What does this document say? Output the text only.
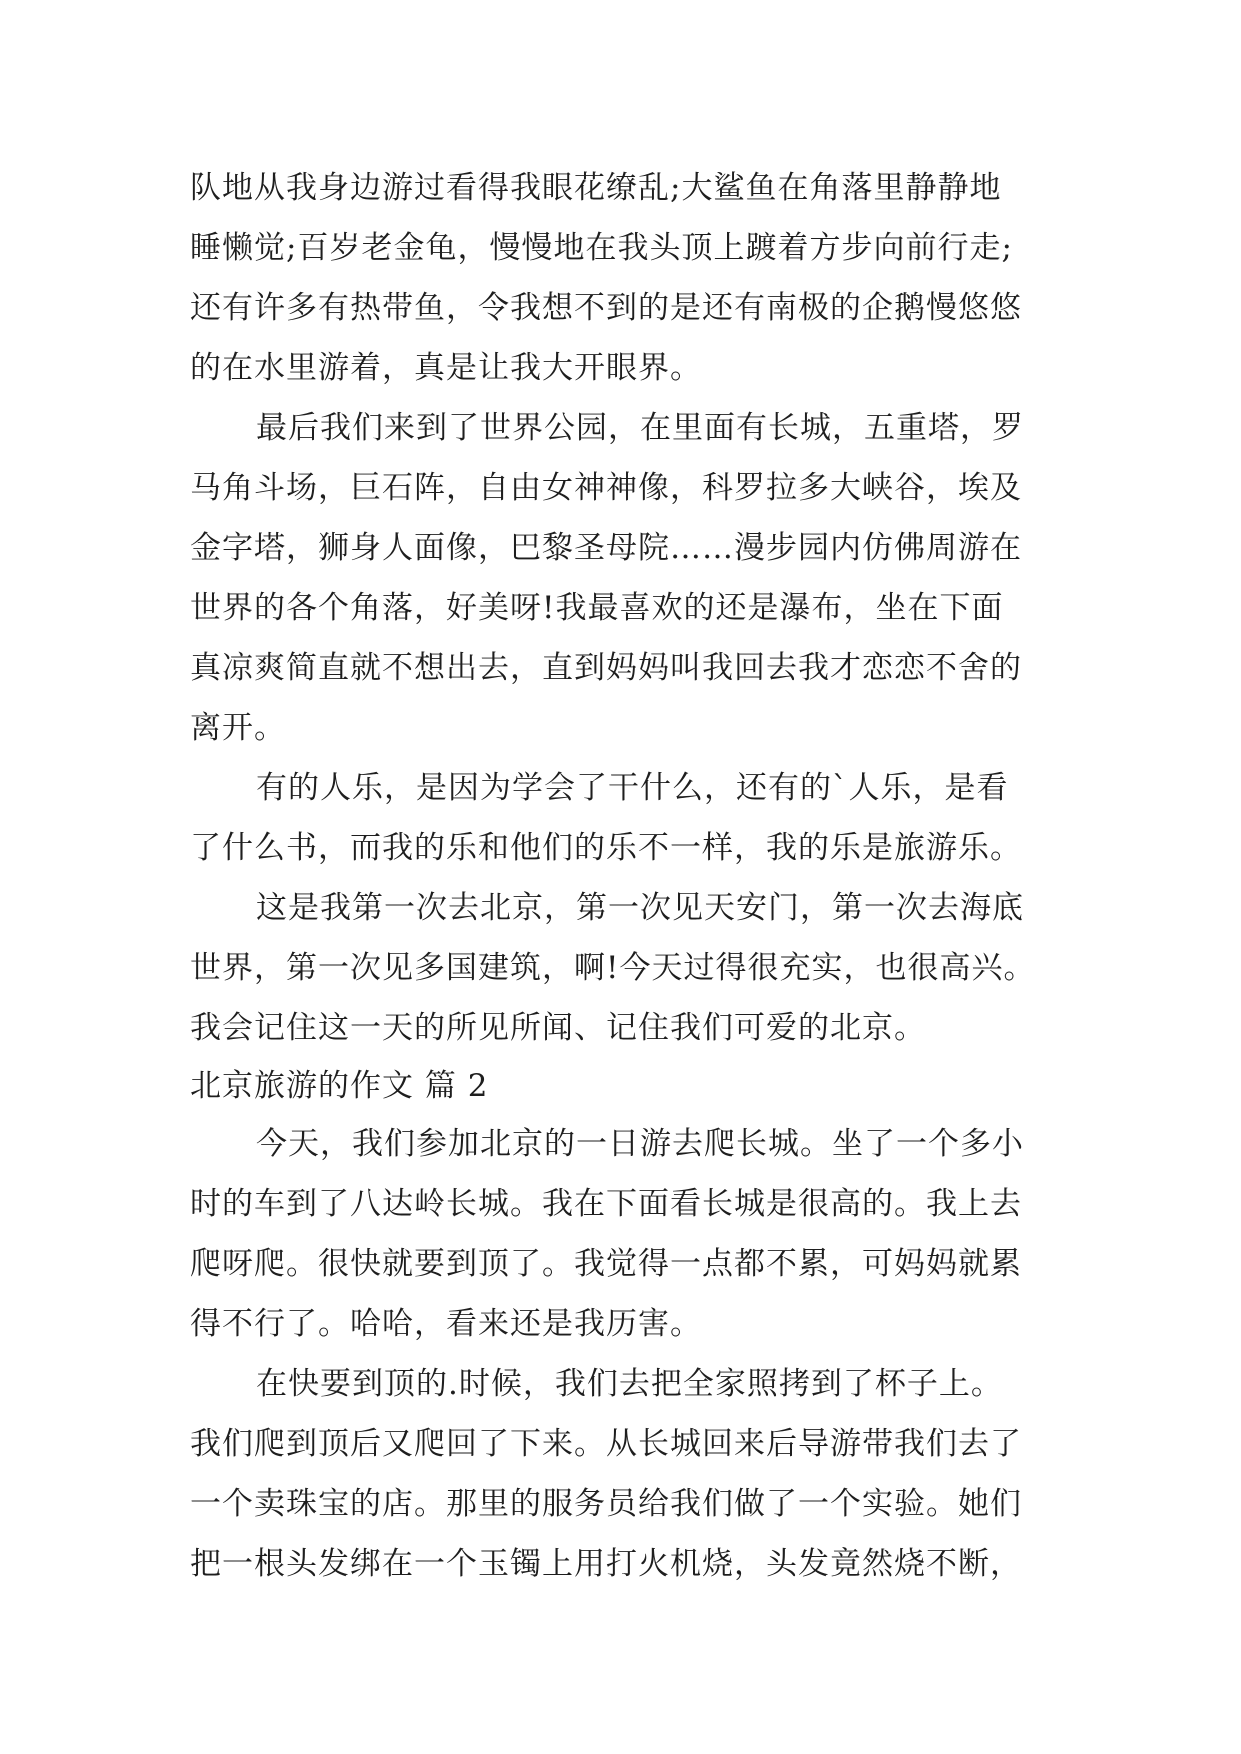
队地从我身边游过看得我眼花缭乱;大鲨鱼在角落里静静地
睡懒觉;百岁老金龟，慢慢地在我头顶上踱着方步向前行走;
还有许多有热带鱼，令我想不到的是还有南极的企鹅慢悠悠
的在水里游着，真是让我大开眼界。
最后我们来到了世界公园，在里面有长城，五重塔，罗
马角斗场，巨石阵，自由女神神像，科罗拉多大峡谷，埃及
金字塔，狮身人面像，巴黎圣母院……漫步园内仿佛周游在
世界的各个角落，好美呀!我最喜欢的还是瀑布，坐在下面
真凉爽简直就不想出去，直到妈妈叫我回去我才恋恋不舍的
离开。
有的人乐，是因为学会了干什么，还有的`人乐，是看
了什么书，而我的乐和他们的乐不一样，我的乐是旅游乐。
这是我第一次去北京，第一次见天安门，第一次去海底
世界，第一次见多国建筑，啊!今天过得很充实，也很高兴。
我会记住这一天的所见所闻、记住我们可爱的北京。
北京旅游的作文 篇 2
今天，我们参加北京的一日游去爬长城。坐了一个多小
时的车到了八达岭长城。我在下面看长城是很高的。我上去
爬呀爬。很快就要到顶了。我觉得一点都不累，可妈妈就累
得不行了。哈哈，看来还是我历害。
在快要到顶的.时候，我们去把全家照拷到了杯子上。
我们爬到顶后又爬回了下来。从长城回来后导游带我们去了
一个卖珠宝的店。那里的服务员给我们做了一个实验。她们
把一根头发绑在一个玉镯上用打火机烧，头发竟然烧不断，
